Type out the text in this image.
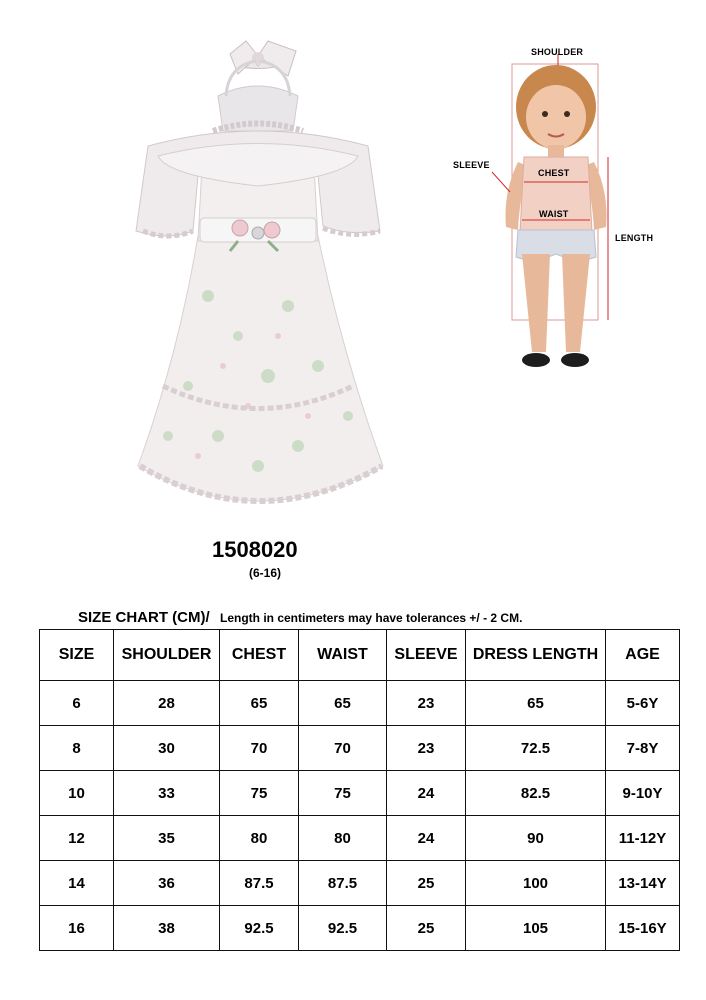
SHOULDER
SLEEVE
CHEST
WAIST
LENGTH
1508020
(6-16)
SIZE CHART (CM)/ Length in centimeters may have tolerances +/ - 2 CM.
SIZE	SHOULDER	CHEST	WAIST	SLEEVE	DRESS LENGTH	AGE
6	28	65	65	23	65	5-6Y
8	30	70	70	23	72.5	7-8Y
10	33	75	75	24	82.5	9-10Y
12	35	80	80	24	90	11-12Y
14	36	87.5	87.5	25	100	13-14Y
16	38	92.5	92.5	25	105	15-16Y
